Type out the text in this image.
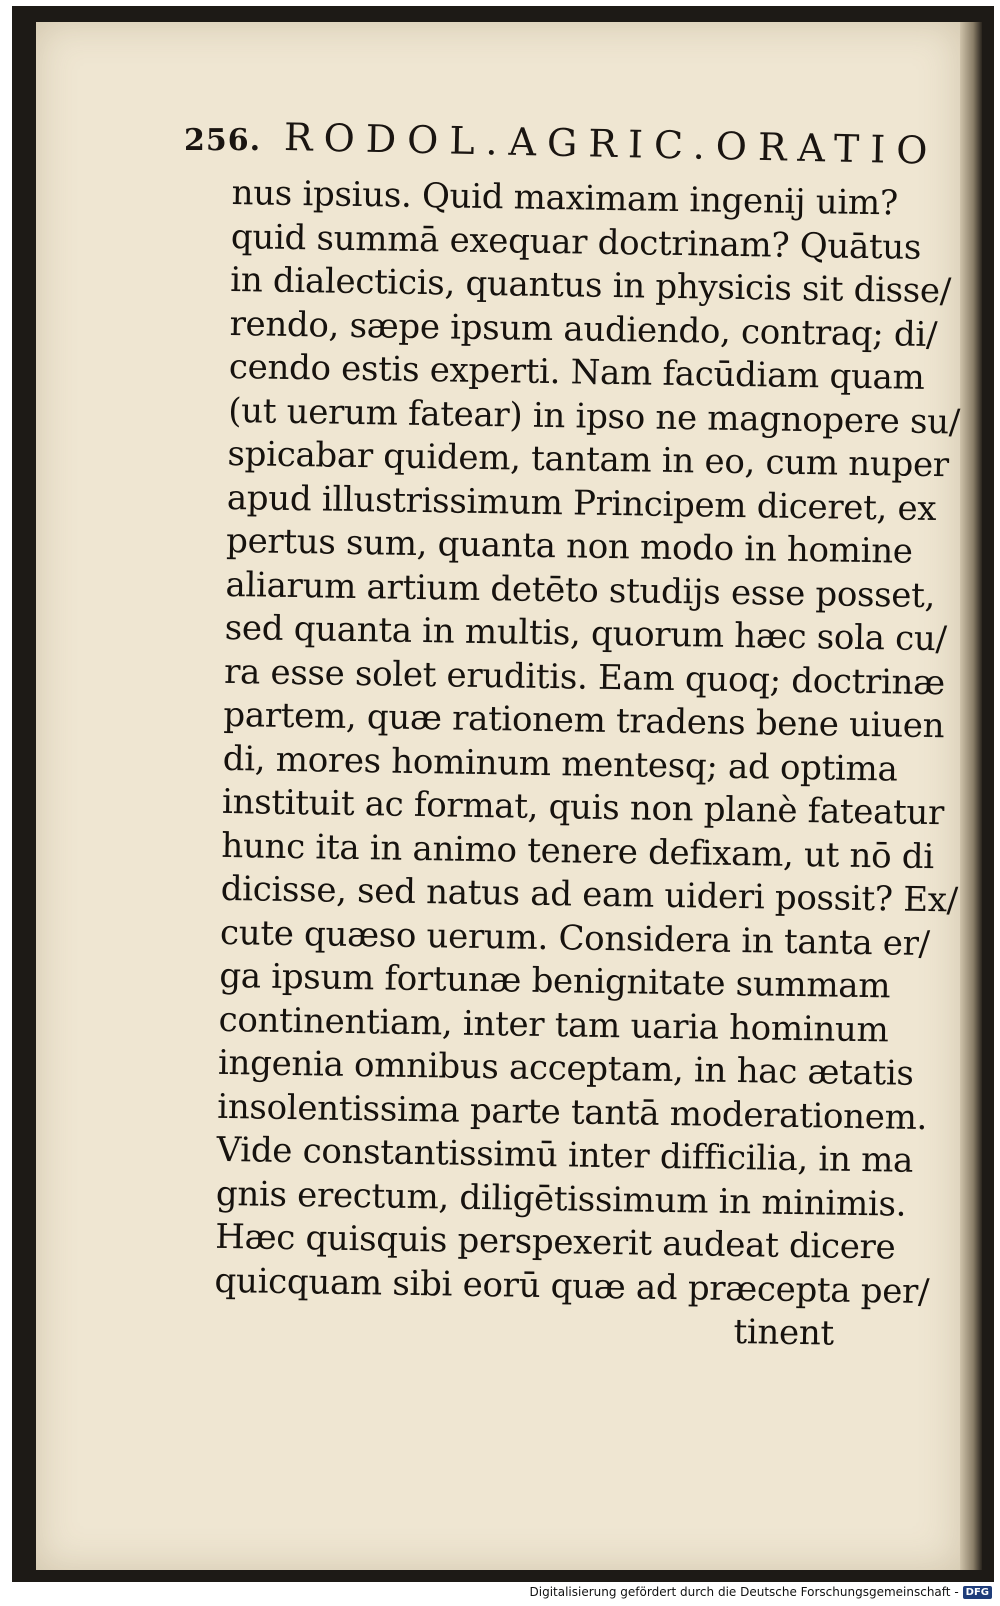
256. RODOL.AGRIC.ORATIO
nus ipsius. Quid maximam ingenij uim?
quid summā exequar doctrinam? Quātus
in dialecticis, quantus in physicis sit disse/
rendo, sæpe ipsum audiendo, contraq; di/
cendo estis experti. Nam facūdiam quam
(ut uerum fatear) in ipso ne magnopere su/
spicabar quidem, tantam in eo, cum nuper
apud illustrissimum Principem diceret, ex
pertus sum, quanta non modo in homine
aliarum artium detēto studijs esse posset,
sed quanta in multis, quorum hæc sola cu/
ra esse solet eruditis. Eam quoq; doctrinæ
partem, quæ rationem tradens bene uiuen
di, mores hominum mentesq; ad optima
instituit ac format, quis non planè fateatur
hunc ita in animo tenere defixam, ut nō di
dicisse, sed natus ad eam uideri possit? Ex/
cute quæso uerum. Considera in tanta er/
ga ipsum fortunæ benignitate summam
continentiam, inter tam uaria hominum
ingenia omnibus acceptam, in hac ætatis
insolentissima parte tantā moderationem.
Vide constantissimū inter difficilia, in ma
gnis erectum, diligētissimum in minimis.
Hæc quisquis perspexerit audeat dicere
quicquam sibi eorū quæ ad præcepta per/
tinent
Digitalisierung gefördert durch die Deutsche Forschungsgemeinschaft - DFG
